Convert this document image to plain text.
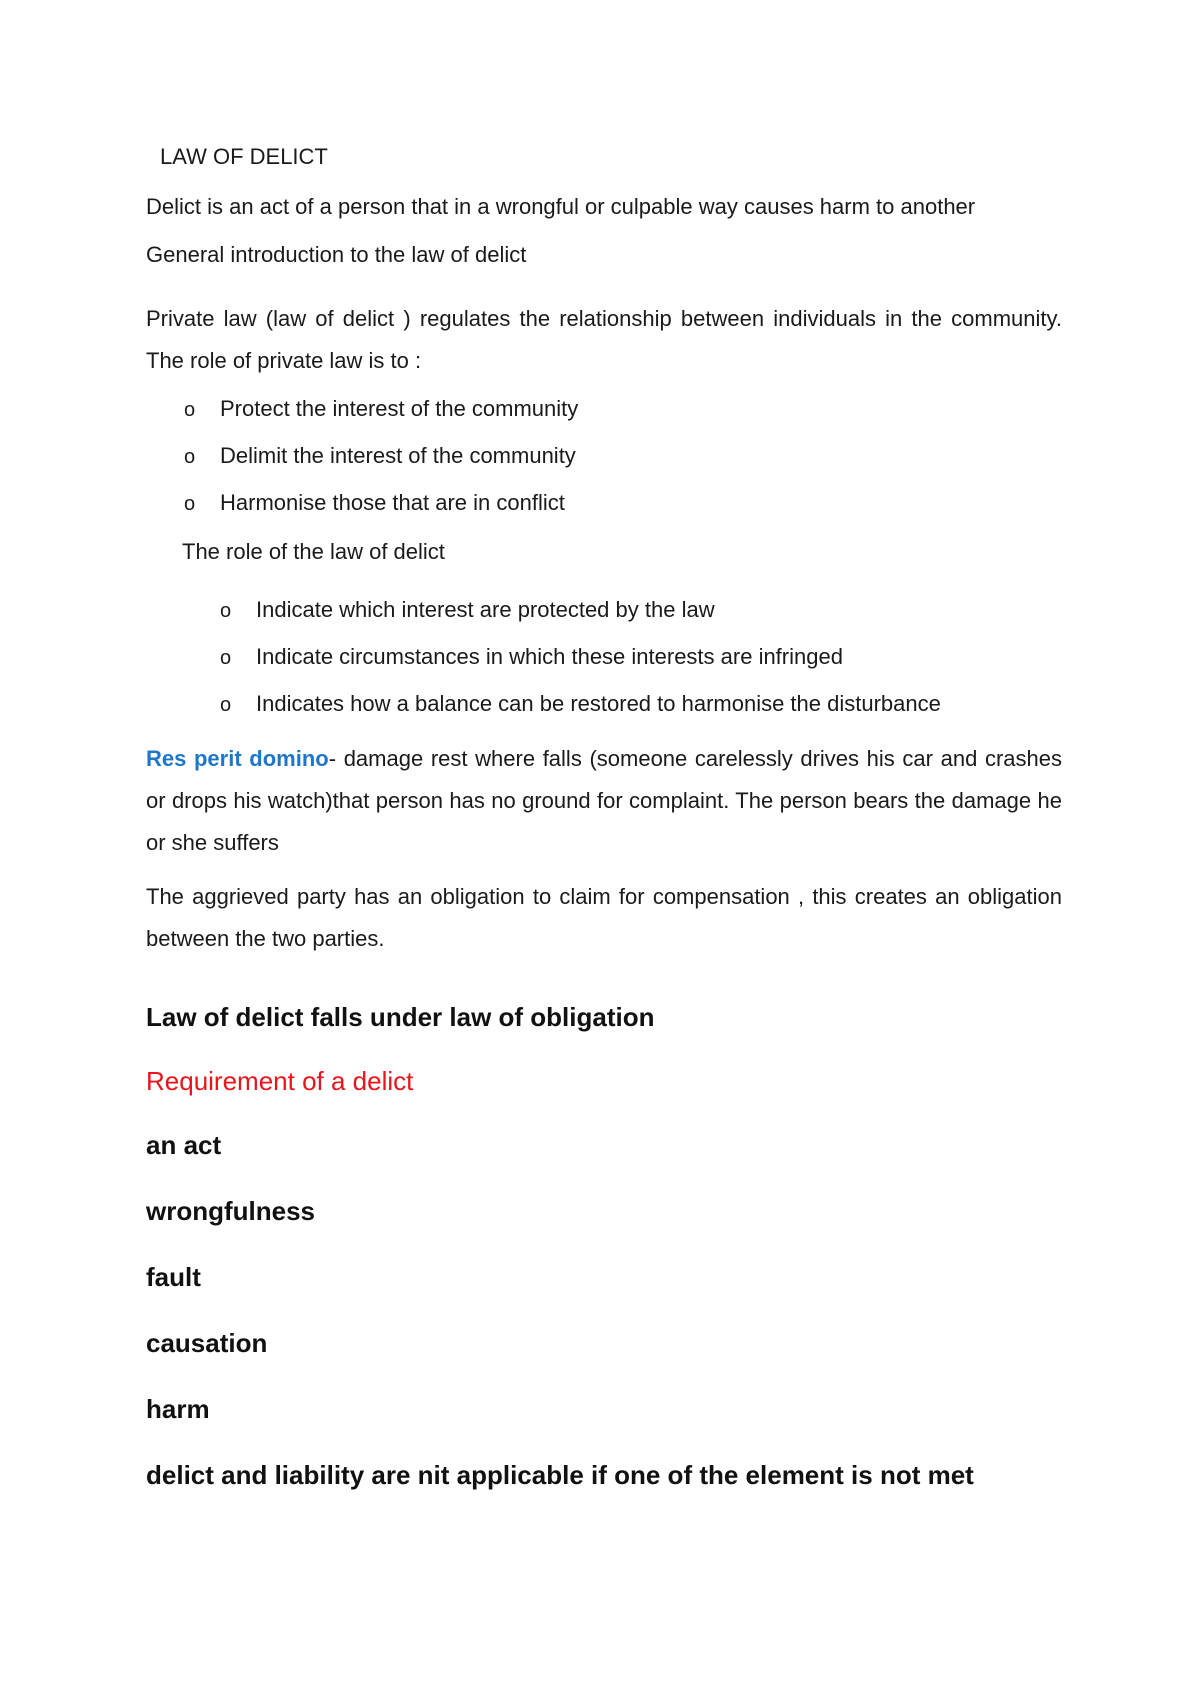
LAW OF DELICT

Delict is an act of a person that in a wrongful or culpable way causes harm to another

General introduction to the law of delict

Private law (law of delict ) regulates the relationship between individuals in the community. The role of private law is to :

o	Protect the interest of the community
o	Delimit the interest of the community
o	Harmonise those that are in conflict
The role of the law of delict
o	Indicate which interest are protected by the law
o	Indicate circumstances in which these interests are infringed
o	Indicates how a balance can be restored to harmonise the disturbance

Res perit domino- damage rest where falls (someone carelessly drives his car and crashes or drops his watch)that person has no ground for complaint. The person bears the damage he or she suffers

The aggrieved party has an obligation to claim for compensation , this creates an obligation between the two parties.

Law of delict falls under law of obligation
Requirement of a delict
an act
wrongfulness
fault
causation
harm
delict and liability are nit applicable if one of the element is not met
